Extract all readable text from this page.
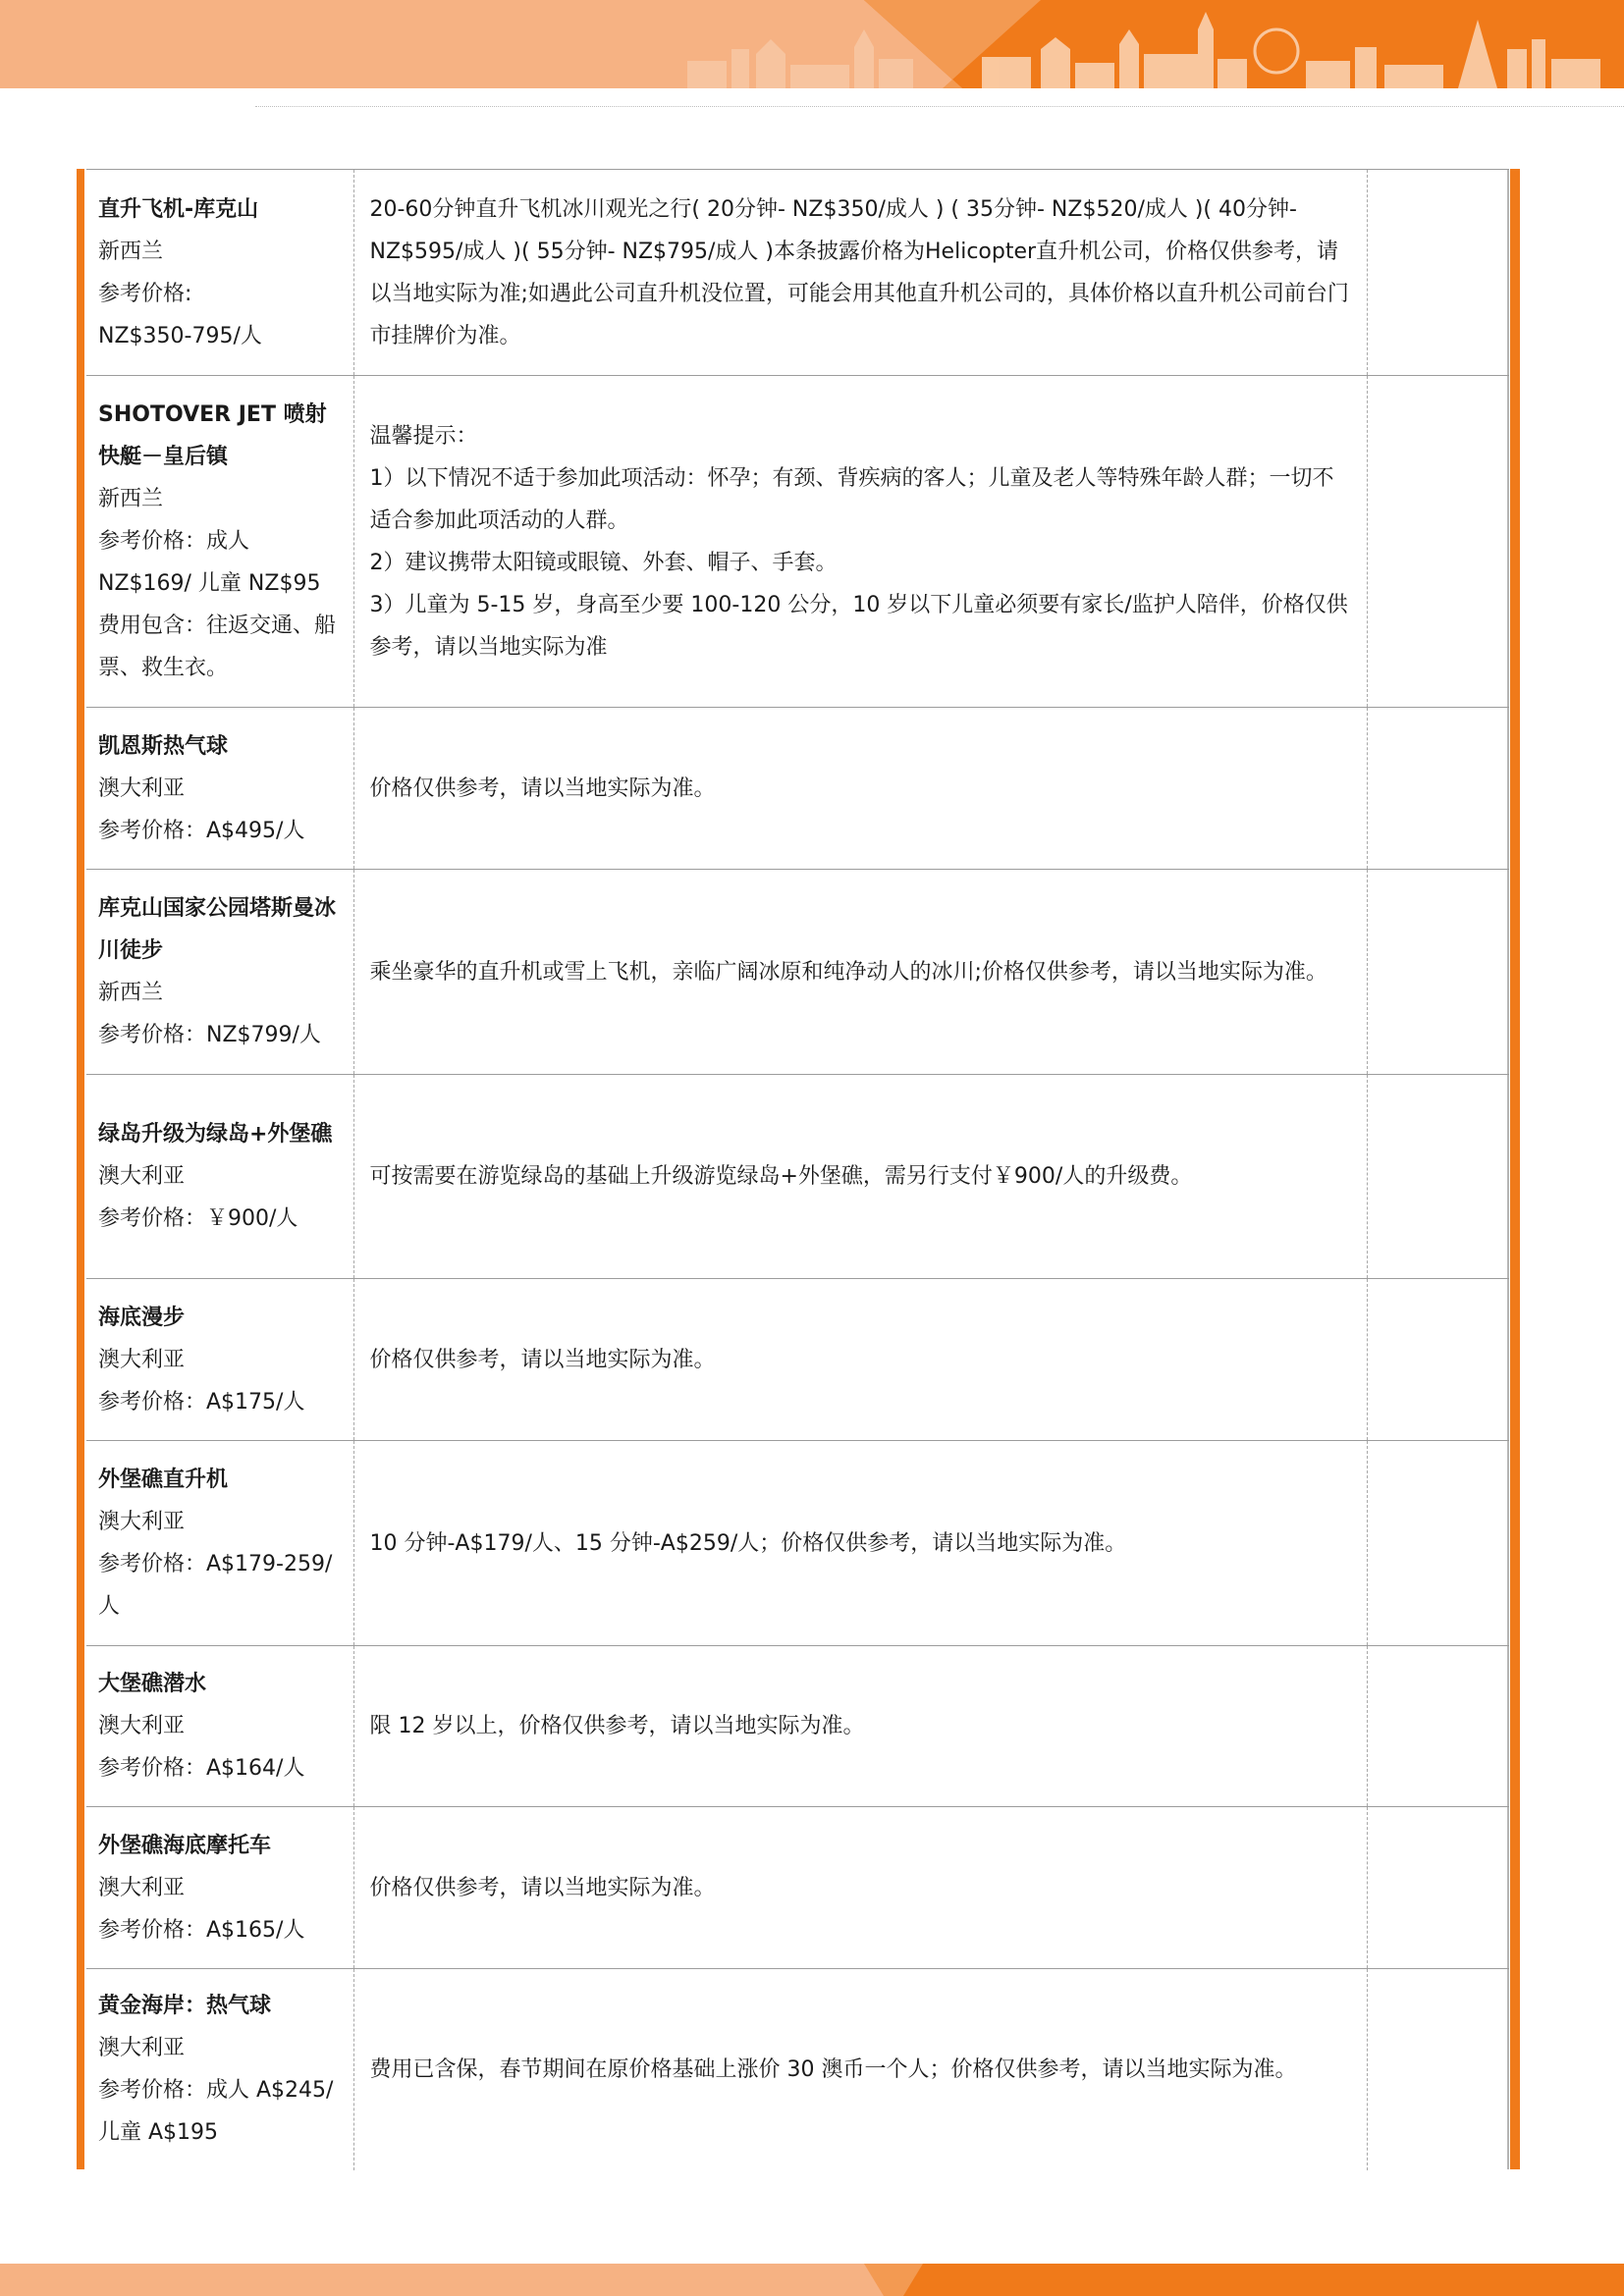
直升飞机-库克山
新西兰
参考价格:
NZ$350-795/人	20-60分钟直升飞机冰川观光之行( 20分钟- NZ$350/成人 ) ( 35分钟- NZ$520/成人 )( 40分钟- NZ$595/成人 )( 55分钟- NZ$795/成人 )本条披露价格为Helicopter直升机公司，价格仅供参考，请以当地实际为准;如遇此公司直升机没位置，可能会用其他直升机公司的，具体价格以直升机公司前台门市挂牌价为准。	

SHOTOVER JET 喷射快艇－皇后镇
新西兰
参考价格：成人
NZ$169/ 儿童 NZ$95
费用包含：往返交通、船票、救生衣。	温馨提示：
1）以下情况不适于参加此项活动：怀孕；有颈、背疾病的客人；儿童及老人等特殊年龄人群；一切不适合参加此项活动的人群。
2）建议携带太阳镜或眼镜、外套、帽子、手套。
3）儿童为 5-15 岁，身高至少要 100-120 公分，10 岁以下儿童必须要有家长/监护人陪伴，价格仅供参考，请以当地实际为准	

凯恩斯热气球
澳大利亚
参考价格：A$495/人	价格仅供参考，请以当地实际为准。	

库克山国家公园塔斯曼冰川徒步
新西兰
参考价格：NZ$799/人	乘坐豪华的直升机或雪上飞机，亲临广阔冰原和纯净动人的冰川;价格仅供参考，请以当地实际为准。	

绿岛升级为绿岛+外堡礁
澳大利亚
参考价格：￥900/人	可按需要在游览绿岛的基础上升级游览绿岛+外堡礁，需另行支付￥900/人的升级费。	

海底漫步
澳大利亚
参考价格：A$175/人	价格仅供参考，请以当地实际为准。	

外堡礁直升机
澳大利亚
参考价格：A$179-259/人	10 分钟-A$179/人、15 分钟-A$259/人；价格仅供参考，请以当地实际为准。	

大堡礁潜水
澳大利亚
参考价格：A$164/人	限 12 岁以上，价格仅供参考，请以当地实际为准。	

外堡礁海底摩托车
澳大利亚
参考价格：A$165/人	价格仅供参考，请以当地实际为准。	

黄金海岸：热气球
澳大利亚
参考价格：成人 A$245/儿童 A$195	费用已含保，春节期间在原价格基础上涨价 30 澳币一个人；价格仅供参考，请以当地实际为准。	
